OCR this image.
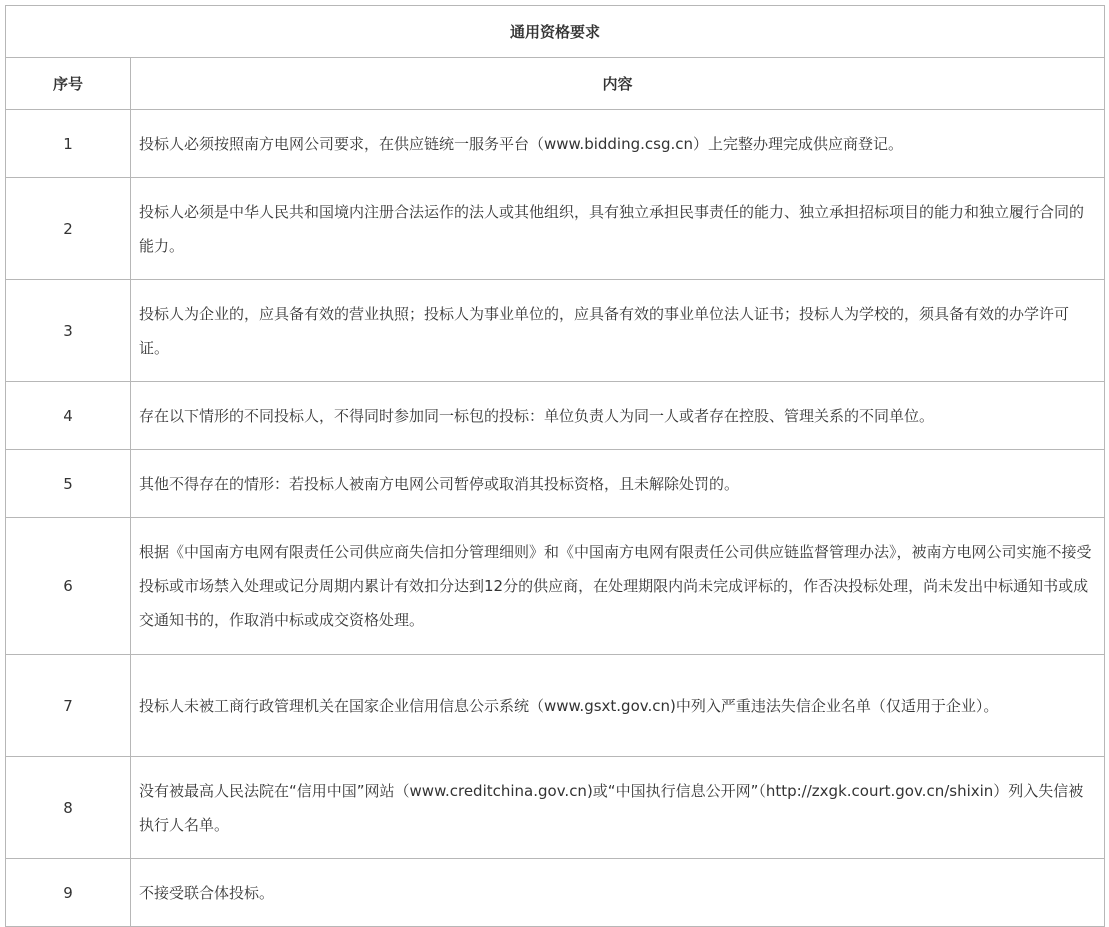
通用资格要求	
序号	内容
1	投标人必须按照南方电网公司要求，在供应链统一服务平台（www.bidding.csg.cn）上完整办理完成供应商登记。

2	投标人必须是中华人民共和国境内注册合法运作的法人或其他组织，具有独立承担民事责任的能力、独立承担招标项目的能力和独立履行合同的能力。

3	投标人为企业的，应具备有效的营业执照；投标人为事业单位的，应具备有效的事业单位法人证书；投标人为学校的，须具备有效的办学许可证。

4	存在以下情形的不同投标人，不得同时参加同一标包的投标：单位负责人为同一人或者存在控股、管理关系的不同单位。

5	其他不得存在的情形：若投标人被南方电网公司暂停或取消其投标资格，且未解除处罚的。

6	根据《中国南方电网有限责任公司供应商失信扣分管理细则》和《中国南方电网有限责任公司供应链监督管理办法》，被南方电网公司实施不接受投标或市场禁入处理或记分周期内累计有效扣分达到12分的供应商，在处理期限内尚未完成评标的，作否决投标处理，尚未发出中标通知书或成交通知书的，作取消中标或成交资格处理。

7	投标人未被工商行政管理机关在国家企业信用信息公示系统（www.gsxt.gov.cn)中列入严重违法失信企业名单（仅适用于企业）。

8	没有被最高人民法院在“信用中国”网站（www.creditchina.gov.cn)或“中国执行信息公开网”（http://zxgk.court.gov.cn/shixin）列入失信被执行人名单。

9	不接受联合体投标。
